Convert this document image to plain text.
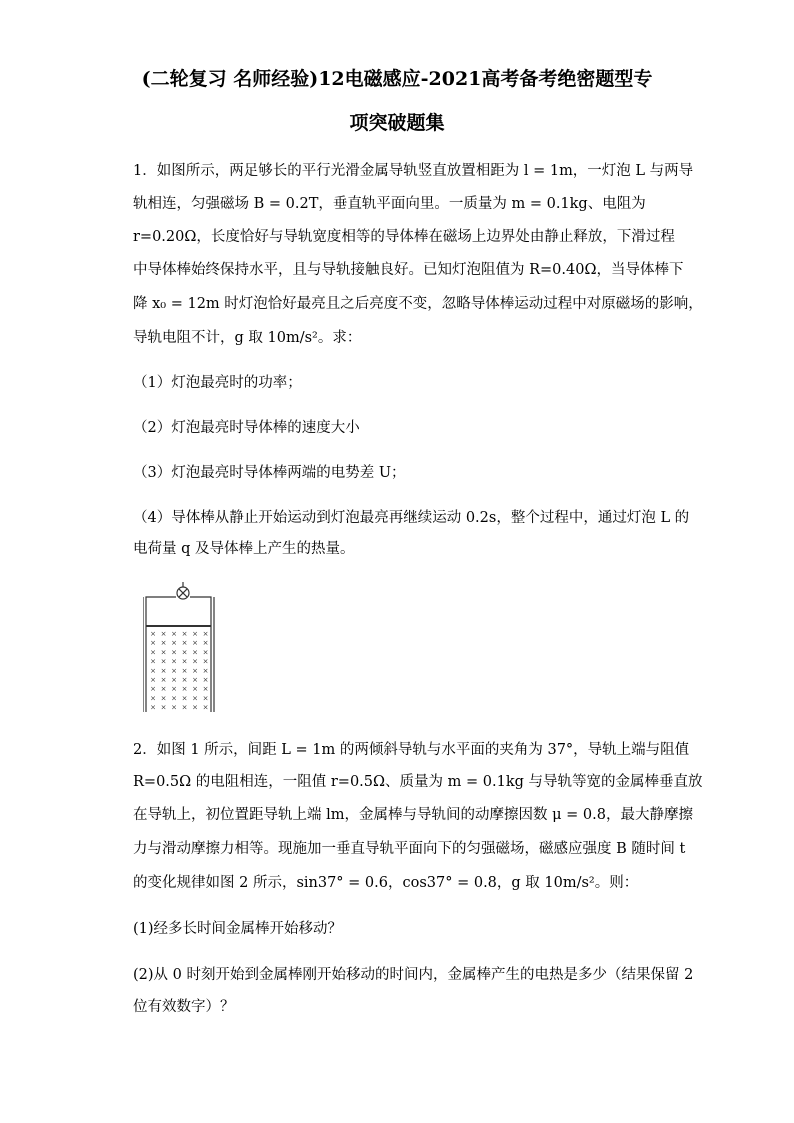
(二轮复习 名师经验)12电磁感应-2021高考备考绝密题型专
项突破题集
1．如图所示，两足够长的平行光滑金属导轨竖直放置相距为 l = 1m，一灯泡 L 与两导
轨相连，匀强磁场 B = 0.2T，垂直轨平面向里。一质量为 m = 0.1kg、电阻为
r=0.20Ω，长度恰好与导轨宽度相等的导体棒在磁场上边界处由静止释放，下滑过程
中导体棒始终保持水平，且与导轨接触良好。已知灯泡阻值为 R=0.40Ω，当导体棒下
降 x₀ = 12m 时灯泡恰好最亮且之后亮度不变，忽略导体棒运动过程中对原磁场的影响，
导轨电阻不计，g 取 10m/s²。求：
（1）灯泡最亮时的功率；
（2）灯泡最亮时导体棒的速度大小
（3）灯泡最亮时导体棒两端的电势差 U；
（4）导体棒从静止开始运动到灯泡最亮再继续运动 0.2s，整个过程中，通过灯泡 L 的
电荷量 q 及导体棒上产生的热量。
× × × × × ×
× × × × × ×
× × × × × ×
× × × × × ×
× × × × × ×
× × × × × ×
× × × × × ×
× × × × × ×
× × × × × ×
2．如图 1 所示，间距 L = 1m 的两倾斜导轨与水平面的夹角为 37°，导轨上端与阻值
R=0.5Ω 的电阻相连，一阻值 r=0.5Ω、质量为 m = 0.1kg 与导轨等宽的金属棒垂直放
在导轨上，初位置距导轨上端 lm，金属棒与导轨间的动摩擦因数 μ = 0.8，最大静摩擦
力与滑动摩擦力相等。现施加一垂直导轨平面向下的匀强磁场，磁感应强度 B 随时间 t
的变化规律如图 2 所示，sin37° = 0.6，cos37° = 0.8，g 取 10m/s²。则：
(1)经多长时间金属棒开始移动？
(2)从 0 时刻开始到金属棒刚开始移动的时间内，金属棒产生的电热是多少（结果保留 2
位有效数字）？
